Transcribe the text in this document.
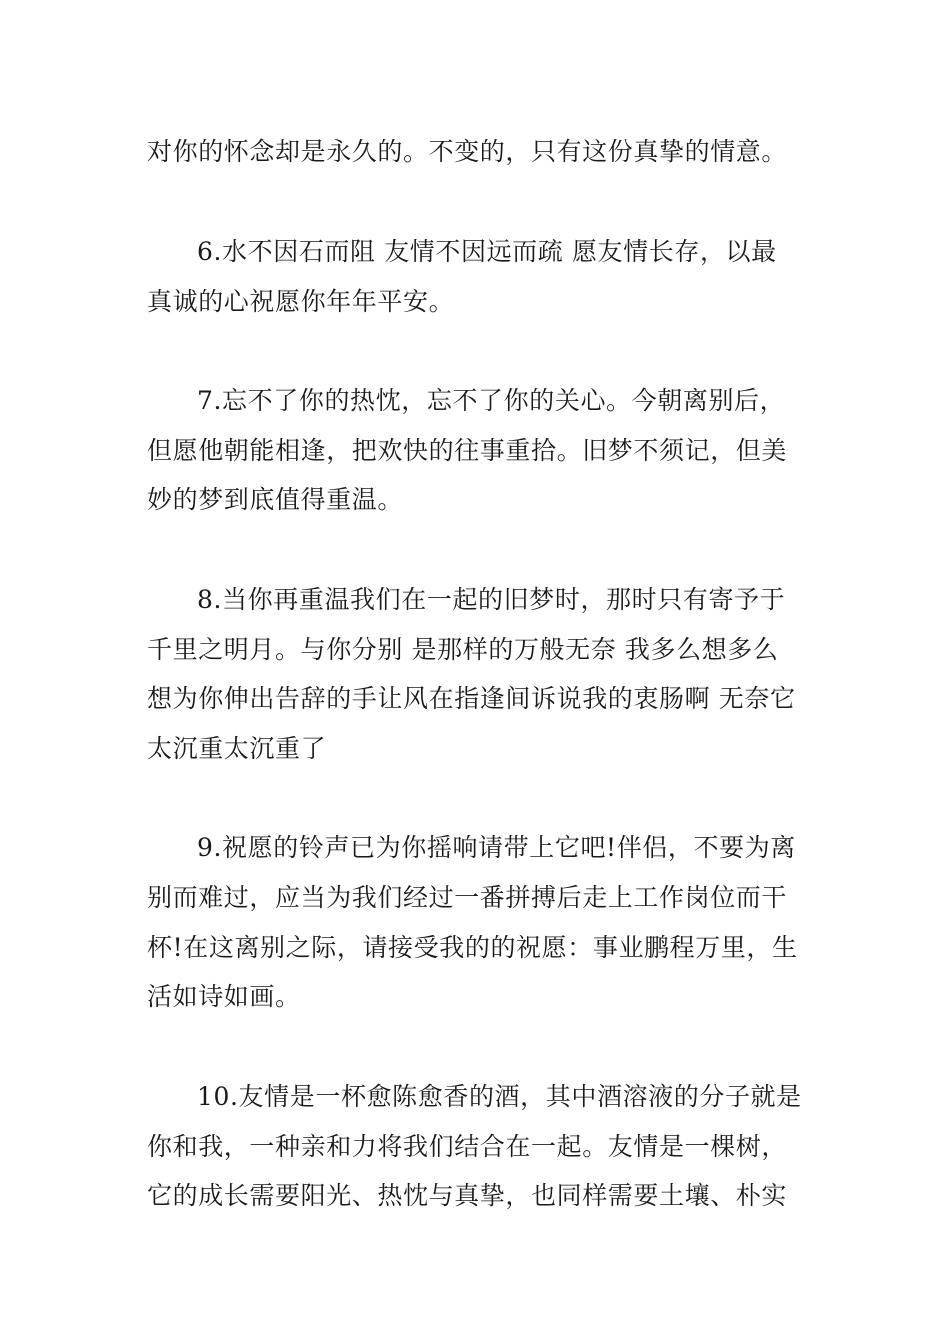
对你的怀念却是永久的。不变的，只有这份真挚的情意。
6.水不因石而阻 友情不因远而疏 愿友情长存，以最
真诚的心祝愿你年年平安。
7.忘不了你的热忱，忘不了你的关心。今朝离别后，
但愿他朝能相逢，把欢快的往事重拾。旧梦不须记，但美
妙的梦到底值得重温。
8.当你再重温我们在一起的旧梦时，那时只有寄予于
千里之明月。与你分别 是那样的万般无奈 我多么想多么
想为你伸出告辞的手让风在指逢间诉说我的衷肠啊 无奈它
太沉重太沉重了
9.祝愿的铃声已为你摇响请带上它吧!伴侣，不要为离
别而难过，应当为我们经过一番拼搏后走上工作岗位而干
杯!在这离别之际，请接受我的的祝愿：事业鹏程万里，生
活如诗如画。
10.友情是一杯愈陈愈香的酒，其中酒溶液的分子就是
你和我，一种亲和力将我们结合在一起。友情是一棵树，
它的成长需要阳光、热忱与真挚，也同样需要土壤、朴实
